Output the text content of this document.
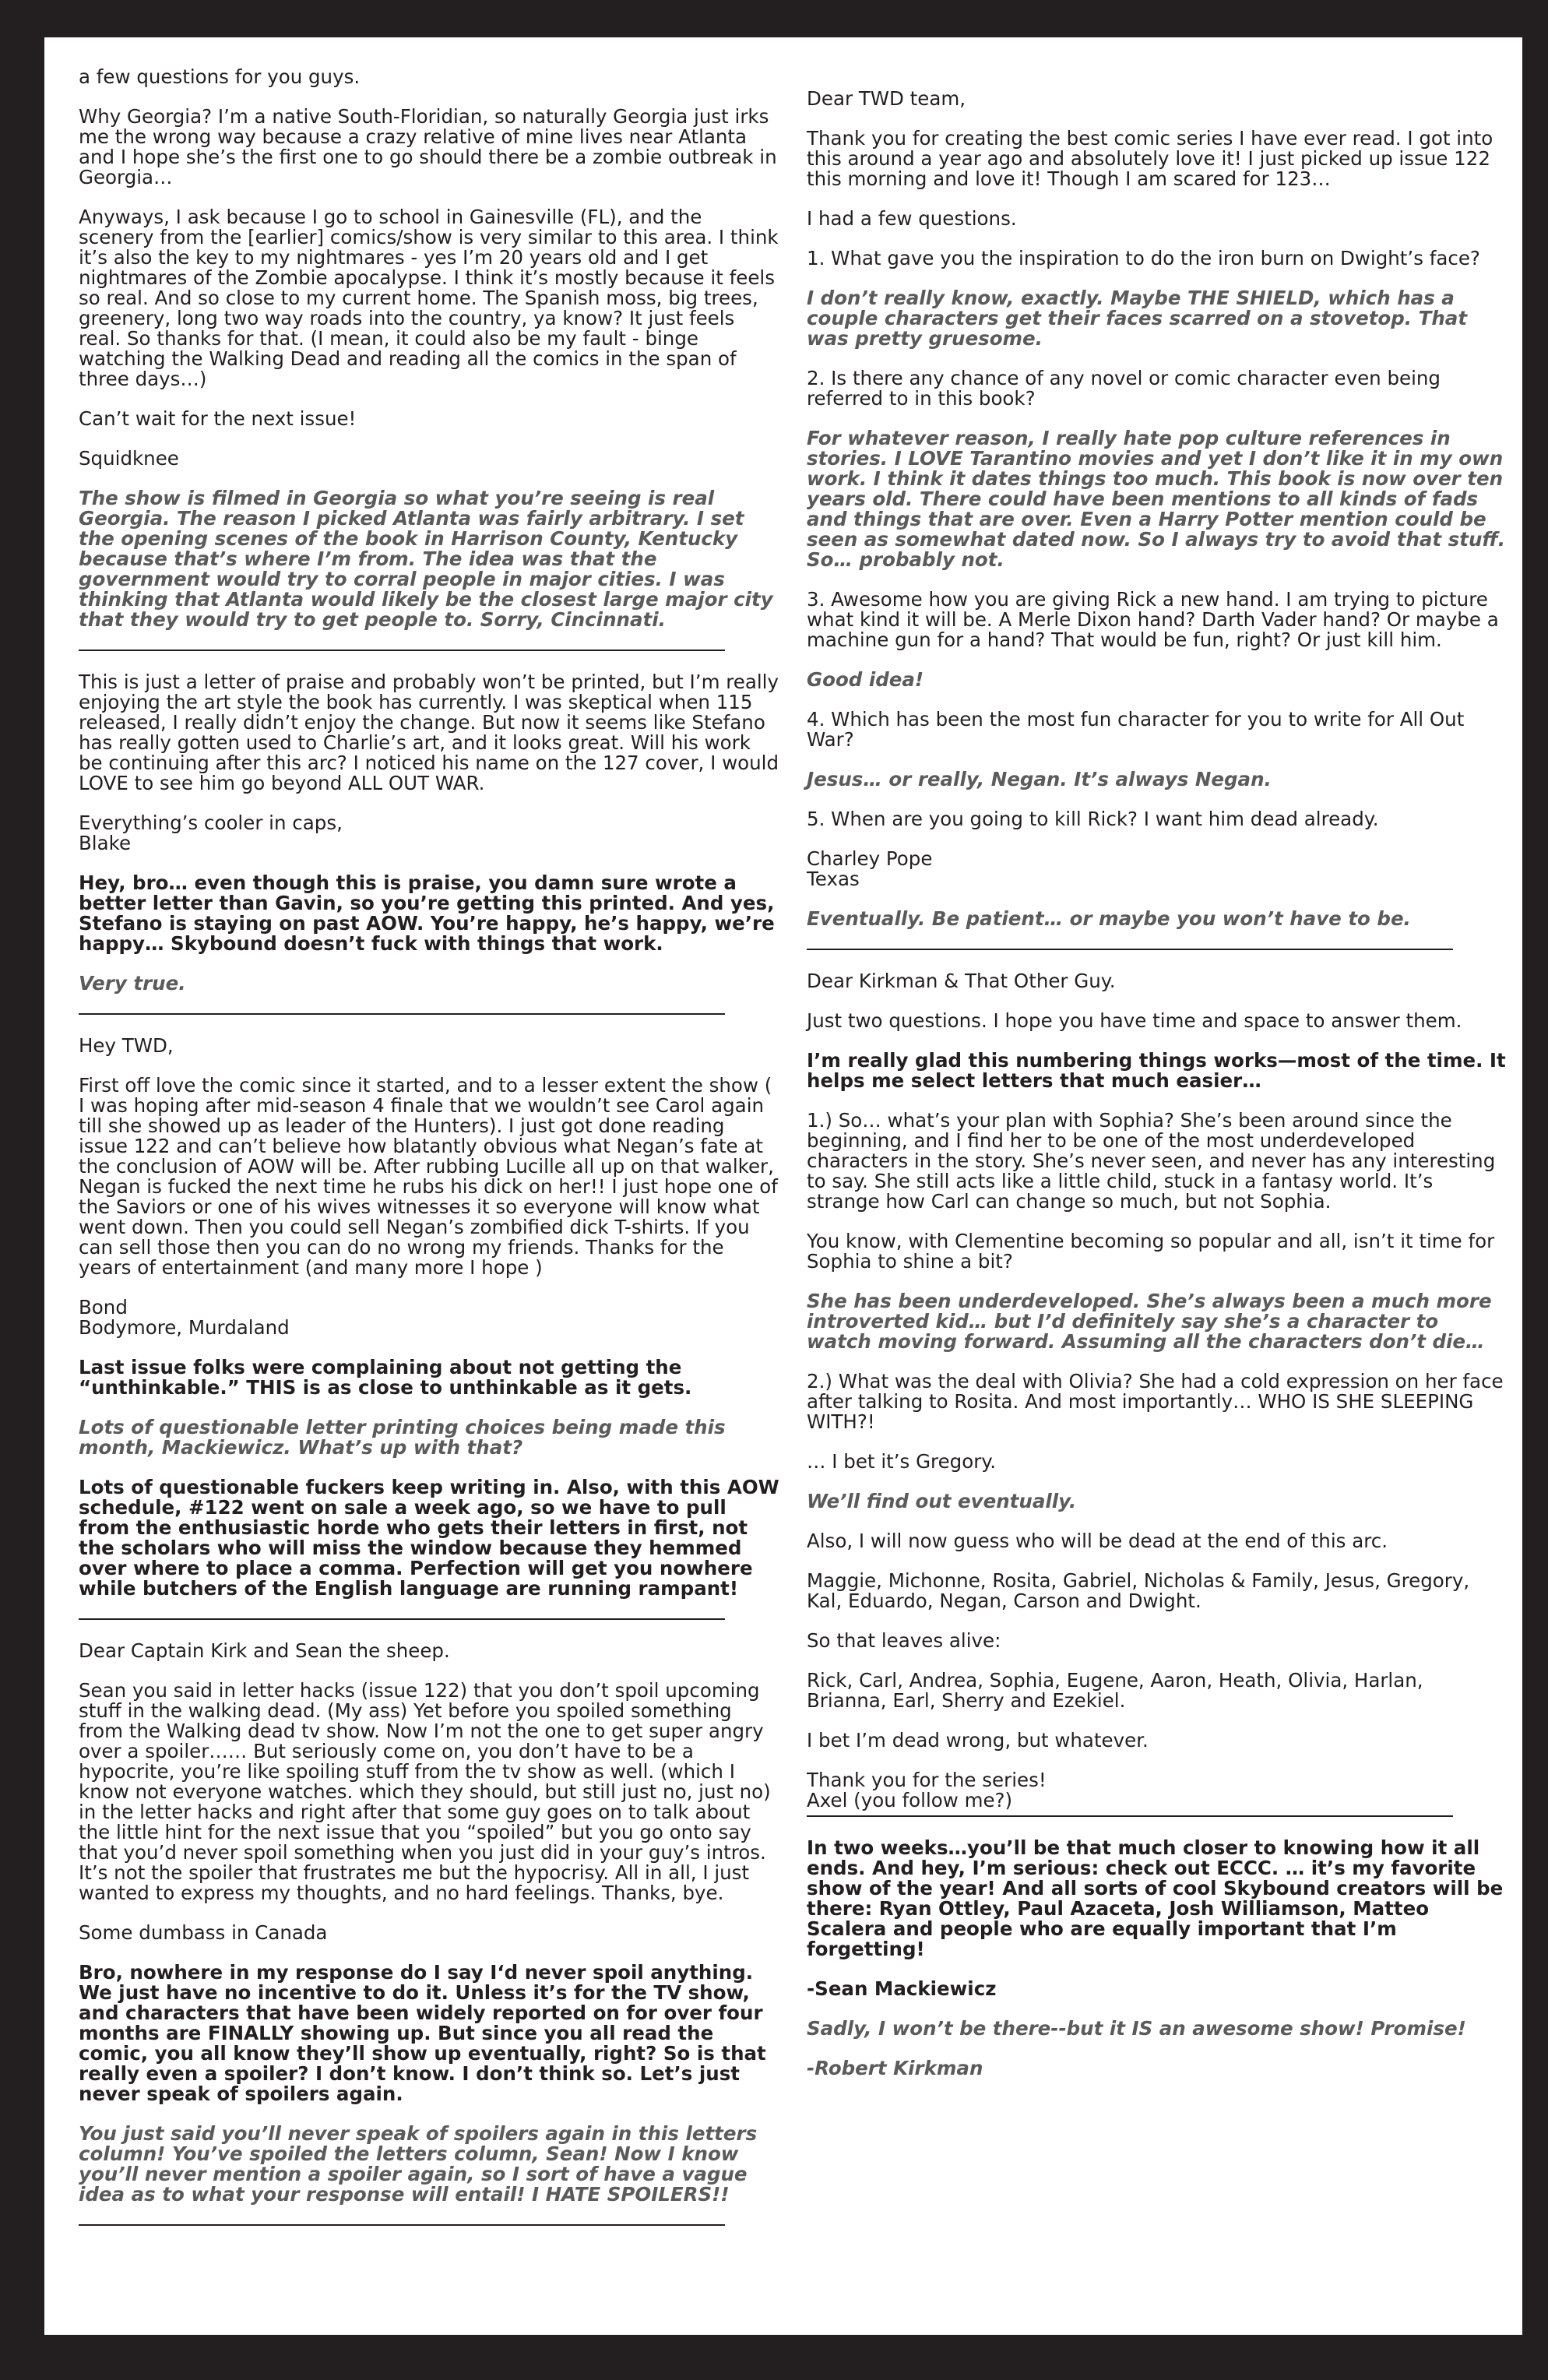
a few questions for you guys.

Why Georgia? I’m a native South-Floridian, so naturally Georgia just irks me the wrong way because a crazy relative of mine lives near Atlanta and I hope she’s the first one to go should there be a zombie outbreak in Georgia…

Anyways, I ask because I go to school in Gainesville (FL), and the scenery from the [earlier] comics/show is very similar to this area. I think it’s also the key to my nightmares - yes I’m 20 years old and I get nightmares of the Zombie apocalypse. I think it’s mostly because it feels so real. And so close to my current home. The Spanish moss, big trees, greenery, long two way roads into the country, ya know? It just feels real. So thanks for that. (I mean, it could also be my fault - binge watching the Walking Dead and reading all the comics in the span of three days…)

Can’t wait for the next issue!

Squidknee

The show is filmed in Georgia so what you’re seeing is real Georgia. The reason I picked Atlanta was fairly arbitrary. I set the opening scenes of the book in Harrison County, Kentucky because that’s where I’m from. The idea was that the government would try to corral people in major cities. I was thinking that Atlanta would likely be the closest large major city that they would try to get people to. Sorry, Cincinnati.

This is just a letter of praise and probably won’t be printed, but I’m really enjoying the art style the book has currently. I was skeptical when 115 released, I really didn’t enjoy the change. But now it seems like Stefano has really gotten used to Charlie’s art, and it looks great. Will his work be continuing after this arc? I noticed his name on the 127 cover, I would LOVE to see him go beyond ALL OUT WAR.

Everything’s cooler in caps,
Blake

Hey, bro… even though this is praise, you damn sure wrote a better letter than Gavin, so you’re getting this printed. And yes, Stefano is staying on past AOW. You’re happy, he’s happy, we’re happy… Skybound doesn’t fuck with things that work.

Very true.

Hey TWD,

First off love the comic since it started, and to a lesser extent the show ( I was hoping after mid-season 4 finale that we wouldn’t see Carol again till she showed up as leader of the Hunters). I just got done reading issue 122 and can’t believe how blatantly obvious what Negan’s fate at the conclusion of AOW will be. After rubbing Lucille all up on that walker, Negan is fucked the next time he rubs his dick on her!! I just hope one of the Saviors or one of his wives witnesses it so everyone will know what went down. Then you could sell Negan’s zombified dick T-shirts. If you can sell those then you can do no wrong my friends. Thanks for the years of entertainment (and many more I hope )

Bond
Bodymore, Murdaland

Last issue folks were complaining about not getting the “unthinkable.” THIS is as close to unthinkable as it gets.

Lots of questionable letter printing choices being made this month, Mackiewicz. What’s up with that?

Lots of questionable fuckers keep writing in. Also, with this AOW schedule, #122 went on sale a week ago, so we have to pull from the enthusiastic horde who gets their letters in first, not the scholars who will miss the window because they hemmed over where to place a comma. Perfection will get you nowhere while butchers of the English language are running rampant!

Dear Captain Kirk and Sean the sheep.

Sean you said in letter hacks (issue 122) that you don’t spoil upcoming stuff in the walking dead. (My ass) Yet before you spoiled something from the Walking dead tv show. Now I’m not the one to get super angry over a spoiler…… But seriously come on, you don’t have to be a hypocrite, you’re like spoiling stuff from the tv show as well. (which I know not everyone watches. which they should, but still just no, just no) in the letter hacks and right after that some guy goes on to talk about the little hint for the next issue that you “spoiled” but you go onto say that you’d never spoil something when you just did in your guy’s intros. It’s not the spoiler that frustrates me but the hypocrisy. All in all, I just wanted to express my thoughts, and no hard feelings. Thanks, bye.

Some dumbass in Canada

Bro, nowhere in my response do I say I‘d never spoil anything. We just have no incentive to do it. Unless it’s for the TV show, and characters that have been widely reported on for over four months are FINALLY showing up. But since you all read the comic, you all know they’ll show up eventually, right? So is that really even a spoiler? I don’t know. I don’t think so. Let’s just never speak of spoilers again.

You just said you’ll never speak of spoilers again in this letters column! You’ve spoiled the letters column, Sean! Now I know you’ll never mention a spoiler again, so I sort of have a vague idea as to what your response will entail! I HATE SPOILERS!!

Dear TWD team,

Thank you for creating the best comic series I have ever read. I got into this around a year ago and absolutely love it! I just picked up issue 122 this morning and love it! Though I am scared for 123…

I had a few questions.

1. What gave you the inspiration to do the iron burn on Dwight’s face?

I don’t really know, exactly. Maybe THE SHIELD, which has a couple characters get their faces scarred on a stovetop. That was pretty gruesome.

2. Is there any chance of any novel or comic character even being referred to in this book?

For whatever reason, I really hate pop culture references in stories. I LOVE Tarantino movies and yet I don’t like it in my own work. I think it dates things too much. This book is now over ten years old. There could have been mentions to all kinds of fads and things that are over. Even a Harry Potter mention could be seen as somewhat dated now. So I always try to avoid that stuff. So… probably not.

3. Awesome how you are giving Rick a new hand. I am trying to picture what kind it will be. A Merle Dixon hand? Darth Vader hand? Or maybe a machine gun for a hand? That would be fun, right? Or just kill him.

Good idea!

4. Which has been the most fun character for you to write for All Out War?

Jesus… or really, Negan. It’s always Negan.

5. When are you going to kill Rick? I want him dead already.

Charley Pope
Texas

Eventually. Be patient… or maybe you won’t have to be.

Dear Kirkman & That Other Guy.

Just two questions. I hope you have time and space to answer them.

I’m really glad this numbering things works—most of the time. It helps me select letters that much easier…

1.) So… what’s your plan with Sophia? She’s been around since the beginning, and I find her to be one of the most underdeveloped characters in the story. She’s never seen, and never has any interesting to say. She still acts like a little child, stuck in a fantasy world. It’s strange how Carl can change so much, but not Sophia.

You know, with Clementine becoming so popular and all, isn’t it time for Sophia to shine a bit?

She has been underdeveloped. She’s always been a much more introverted kid… but I’d definitely say she’s a character to watch moving forward. Assuming all the characters don’t die…

2.) What was the deal with Olivia? She had a cold expression on her face after talking to Rosita. And most importantly… WHO IS SHE SLEEPING WITH?!

… I bet it’s Gregory.

We’ll find out eventually.

Also, I will now guess who will be dead at the end of this arc.

Maggie, Michonne, Rosita, Gabriel, Nicholas & Family, Jesus, Gregory, Kal, Eduardo, Negan, Carson and Dwight.

So that leaves alive:

Rick, Carl, Andrea, Sophia, Eugene, Aaron, Heath, Olivia, Harlan, Brianna, Earl, Sherry and Ezekiel.

I bet I’m dead wrong, but whatever.

Thank you for the series!
Axel (you follow me?)

In two weeks…you’ll be that much closer to knowing how it all ends. And hey, I’m serious: check out ECCC. … it’s my favorite show of the year! And all sorts of cool Skybound creators will be there: Ryan Ottley, Paul Azaceta, Josh Williamson, Matteo Scalera and people who are equally important that I’m forgetting!

-Sean Mackiewicz

Sadly, I won’t be there--but it IS an awesome show! Promise!

-Robert Kirkman
